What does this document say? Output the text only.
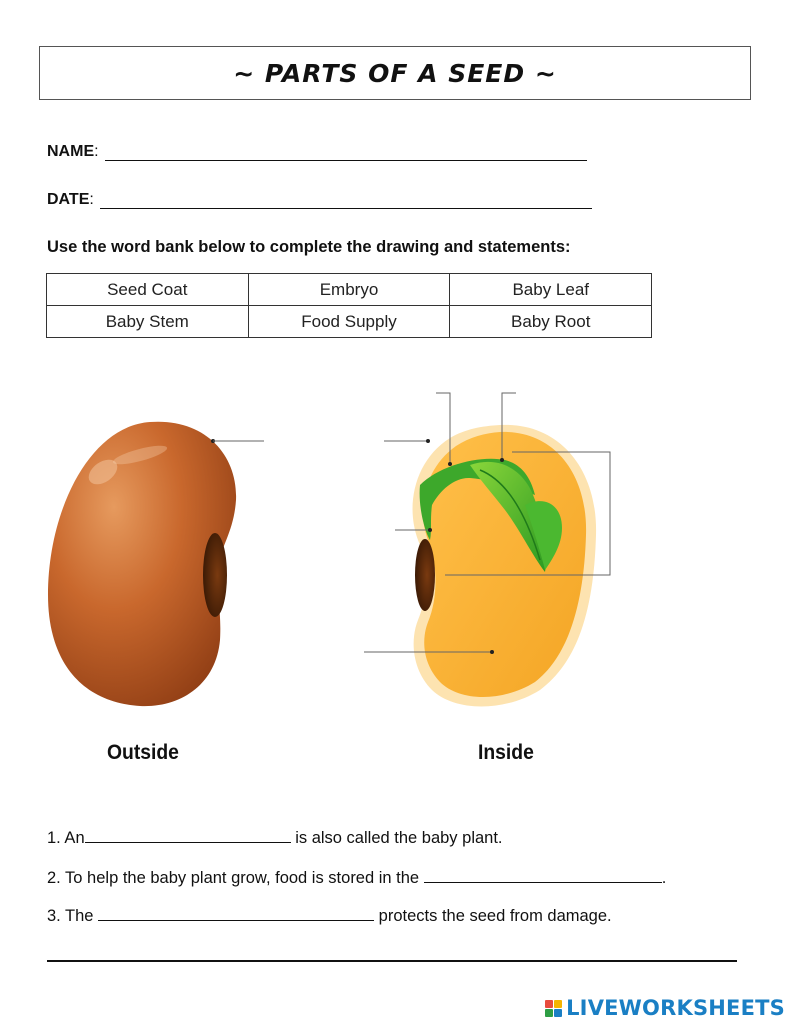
~ PARTS OF A SEED ~
NAME :
DATE :
Use the word bank below to complete the drawing and statements:
Seed Coat	Embryo	Baby Leaf
Baby Stem	Food Supply	Baby Root
Outside	Inside
1. An	is also called the baby plant.
2. To help the baby plant grow, food is stored in the	.
3. The	protects the seed from damage.
LIVEWORKSHEETS
